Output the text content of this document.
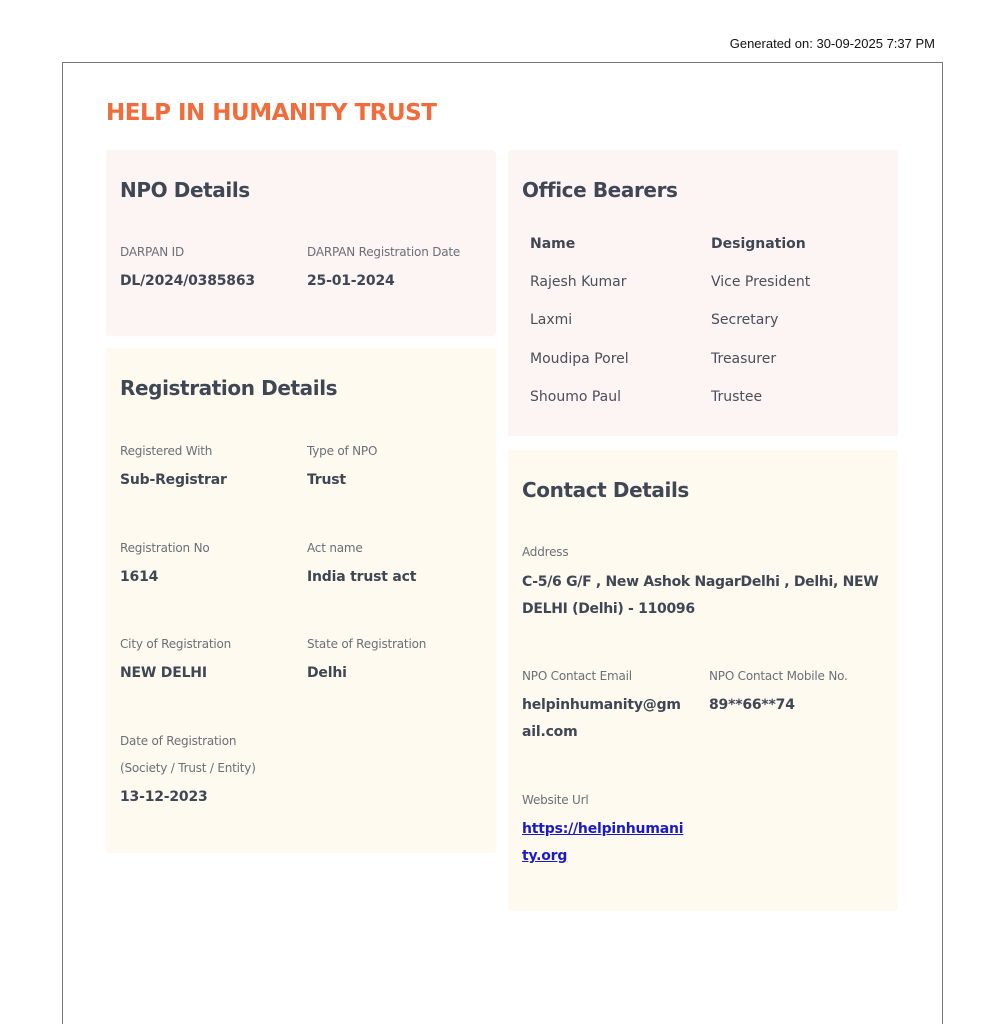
Generated on: 30-09-2025 7:37 PM
HELP IN HUMANITY TRUST
NPO Details
DARPAN ID
DL/2024/0385863
DARPAN Registration Date
25-01-2024
Registration Details
Registered With
Sub-Registrar
Type of NPO
Trust
Registration No
1614
Act name
India trust act
City of Registration
NEW DELHI
State of Registration
Delhi
Date of Registration
(Society / Trust / Entity)
13-12-2023
Office Bearers
Name	Designation
Rajesh Kumar	Vice President
Laxmi	Secretary
Moudipa Porel	Treasurer
Shoumo Paul	Trustee
Contact Details
Address
C-5/6 G/F , New Ashok NagarDelhi , Delhi, NEW DELHI (Delhi) - 110096
NPO Contact Email
helpinhumanity@gm
ail.com
NPO Contact Mobile No.
89**66**74
Website Url
https://helpinhumani
ty.org
